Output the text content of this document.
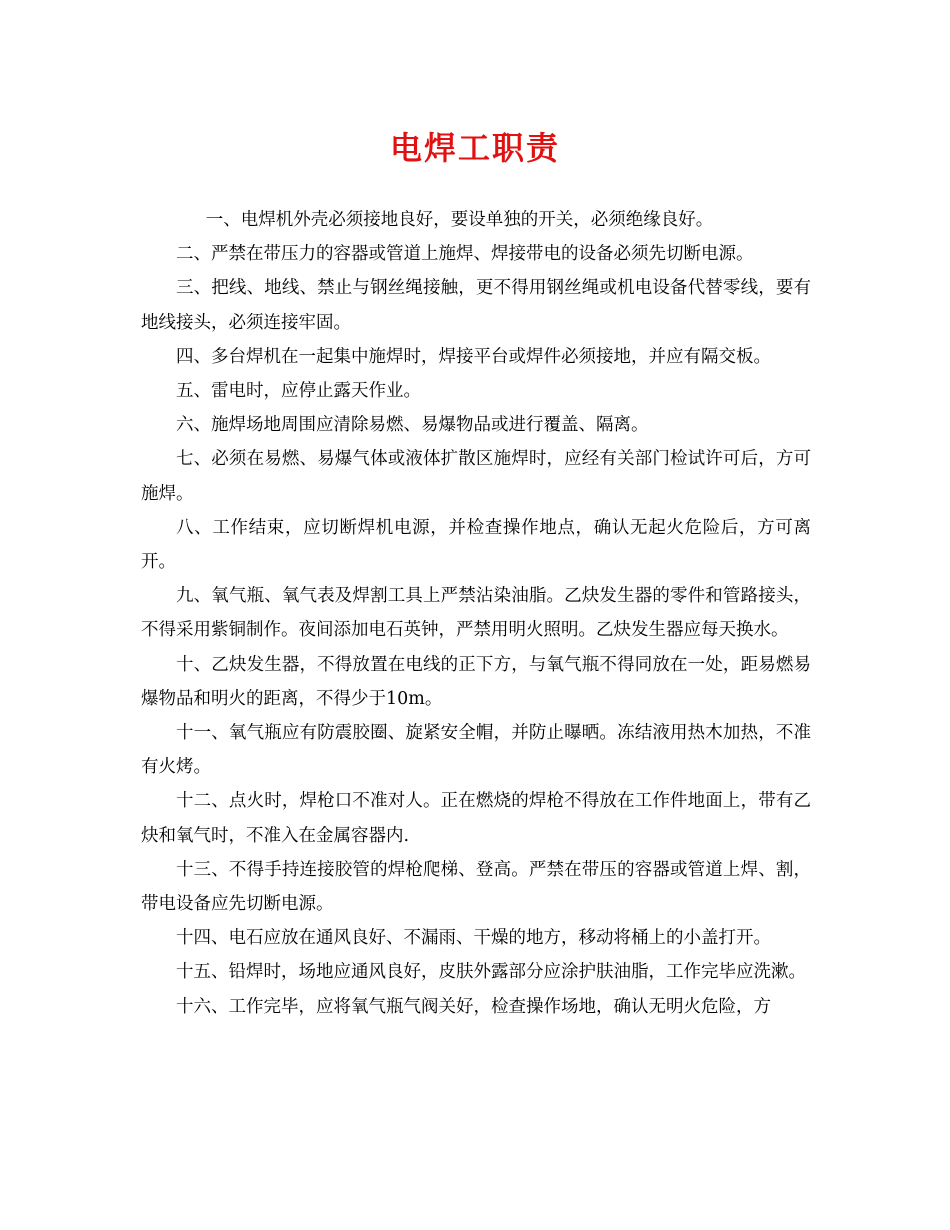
电焊工职责

一、电焊机外壳必须接地良好，要设单独的开关，必须绝缘良好。

二、严禁在带压力的容器或管道上施焊、焊接带电的设备必须先切断电源。

三、把线、地线、禁止与钢丝绳接触，更不得用钢丝绳或机电设备代替零线，要有地线接头，必须连接牢固。

四、多台焊机在一起集中施焊时，焊接平台或焊件必须接地，并应有隔交板。

五、雷电时，应停止露天作业。

六、施焊场地周围应清除易燃、易爆物品或进行覆盖、隔离。

七、必须在易燃、易爆气体或液体扩散区施焊时，应经有关部门检试许可后，方可施焊。

八、工作结束，应切断焊机电源，并检查操作地点，确认无起火危险后，方可离开。

九、氧气瓶、氧气表及焊割工具上严禁沾染油脂。乙炔发生器的零件和管路接头，不得采用紫铜制作。夜间添加电石英钟，严禁用明火照明。乙炔发生器应每天换水。

十、乙炔发生器，不得放置在电线的正下方，与氧气瓶不得同放在一处，距易燃易爆物品和明火的距离，不得少于10m。

十一、氧气瓶应有防震胶圈、旋紧安全帽，并防止曝晒。冻结液用热木加热，不准有火烤。

十二、点火时，焊枪口不准对人。正在燃烧的焊枪不得放在工作件地面上，带有乙炔和氧气时，不准入在金属容器内.

十三、不得手持连接胶管的焊枪爬梯、登高。严禁在带压的容器或管道上焊、割，带电设备应先切断电源。

十四、电石应放在通风良好、不漏雨、干燥的地方，移动将桶上的小盖打开。

十五、铅焊时，场地应通风良好，皮肤外露部分应涂护肤油脂，工作完毕应洗漱。

十六、工作完毕，应将氧气瓶气阀关好，检查操作场地，确认无明火危险，方
